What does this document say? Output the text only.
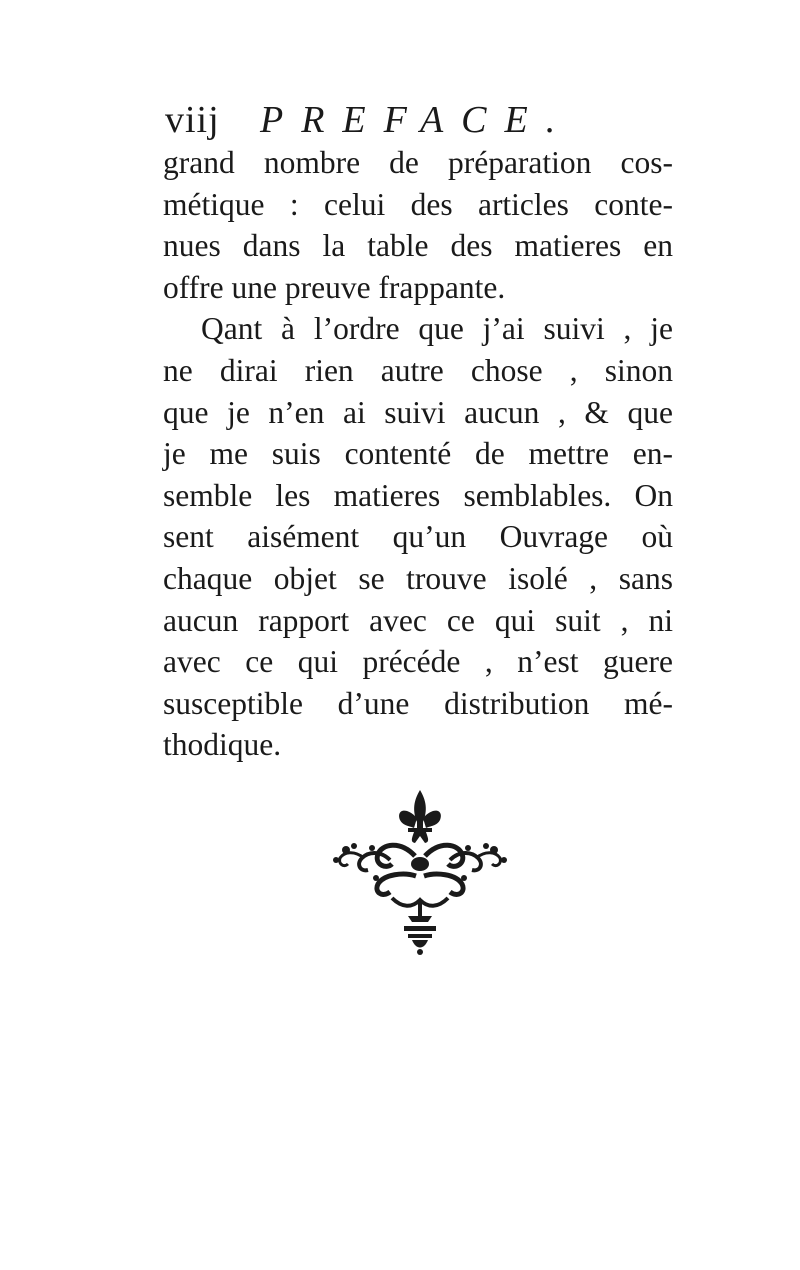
viij PREFACE.
grand nombre de préparation cos-
métique : celui des articles conte-
nues dans la table des matieres en
offre une preuve frappante.
Qant à l’ordre que j’ai suivi , je
ne dirai rien autre chose , sinon
que je n’en ai suivi aucun , & que
je me suis contenté de mettre en-
semble les matieres semblables. On
sent aisément qu’un Ouvrage où
chaque objet se trouve isolé , sans
aucun rapport avec ce qui suit , ni
avec ce qui précéde , n’est guere
susceptible d’une distribution mé-
thodique.
